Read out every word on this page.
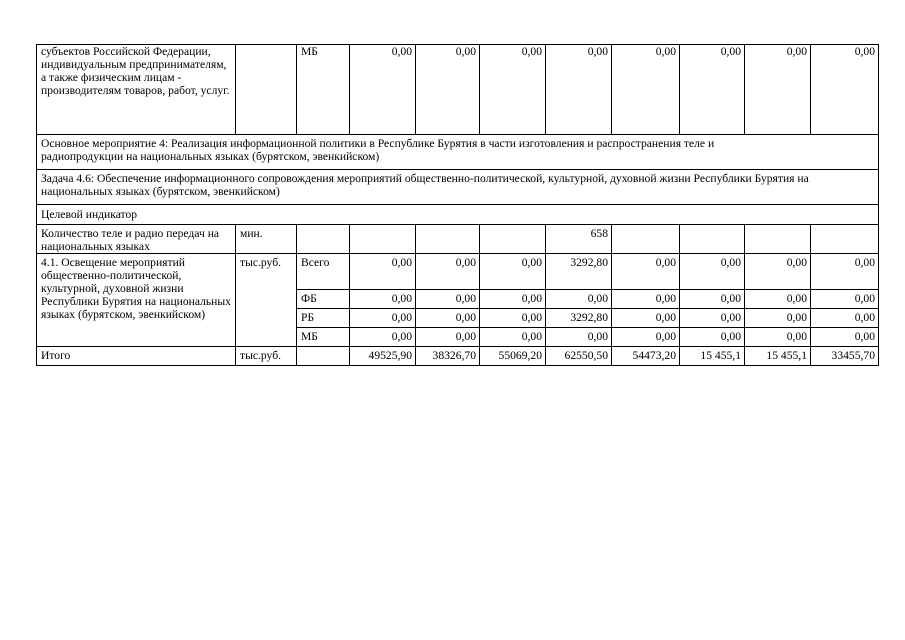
субъектов Российской Федерации, индивидуальным предпринимателям, а также физическим лицам - производителям товаров, работ, услуг.		МБ	0,00	0,00	0,00	0,00	0,00	0,00	0,00	0,00
Основное мероприятие 4: Реализация информационной политики в Республике Бурятия в части изготовления и распространения теле и радиопродукции на национальных языках (бурятском, эвенкийском)										
Задача 4.6: Обеспечение информационного сопровождения мероприятий общественно-политической, культурной, духовной жизни Республики Бурятия на национальных языках (бурятском, эвенкийском)										
Целевой индикатор										
Количество теле и радио передач на национальных языках	мин.					658				
4.1. Освещение мероприятий общественно-политической, культурной, духовной жизни Республики Бурятия на национальных языках (бурятском, эвенкийском)	тыс.руб.	Всего	0,00	0,00	0,00	3292,80	0,00	0,00	0,00	0,00
		ФБ	0,00	0,00	0,00	0,00	0,00	0,00	0,00	0,00
		РБ	0,00	0,00	0,00	3292,80	0,00	0,00	0,00	0,00
		МБ	0,00	0,00	0,00	0,00	0,00	0,00	0,00	0,00
Итого	тыс.руб.		49525,90	38326,70	55069,20	62550,50	54473,20	15 455,1	15 455,1	33455,70
